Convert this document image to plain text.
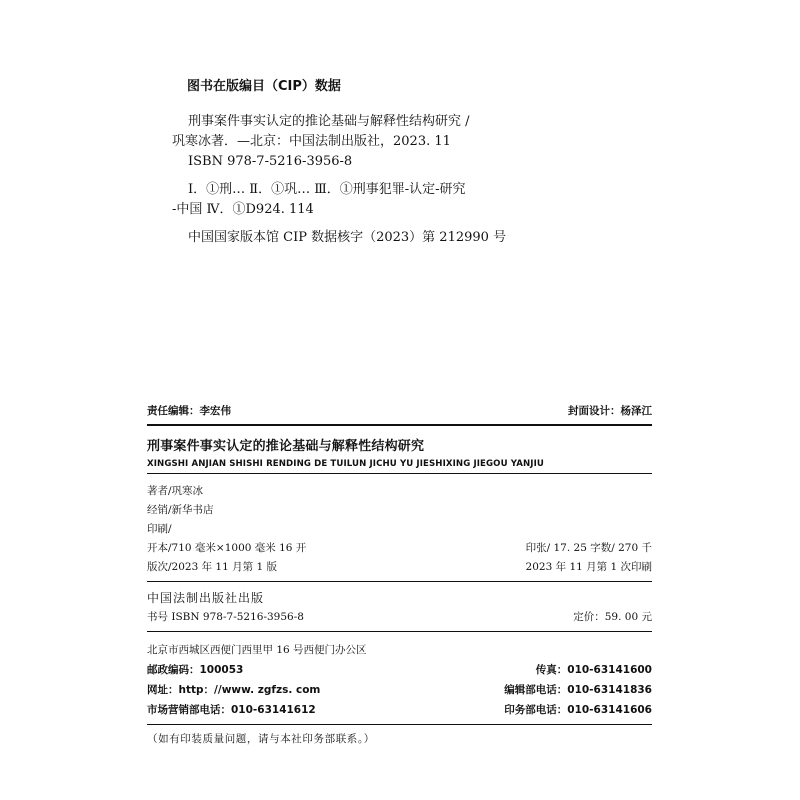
图书在版编目（CIP）数据
刑事案件事实认定的推论基础与解释性结构研究 /
巩寒冰著．—北京：中国法制出版社，2023. 11
ISBN 978-7-5216-3956-8
Ⅰ．①刑… Ⅱ．①巩… Ⅲ．①刑事犯罪-认定-研究
-中国 Ⅳ．①D924. 114
中国国家版本馆 CIP 数据核字（2023）第 212990 号
责任编辑：李宏伟	封面设计：杨泽江
刑事案件事实认定的推论基础与解释性结构研究
XINGSHI ANJIAN SHISHI RENDING DE TUILUN JICHU YU JIESHIXING JIEGOU YANJIU
著者/巩寒冰
经销/新华书店
印刷/
开本/710 毫米×1000 毫米 16 开	印张/ 17. 25 字数/ 270 千
版次/2023 年 11 月第 1 版	2023 年 11 月第 1 次印刷
中国法制出版社出版
书号 ISBN 978-7-5216-3956-8	定价：59. 00 元
北京市西城区西便门西里甲 16 号西便门办公区
邮政编码：100053	传真：010-63141600
网址：http：//www. zgfzs. com	编辑部电话：010-63141836
市场营销部电话：010-63141612	印务部电话：010-63141606
（如有印装质量问题，请与本社印务部联系。）
